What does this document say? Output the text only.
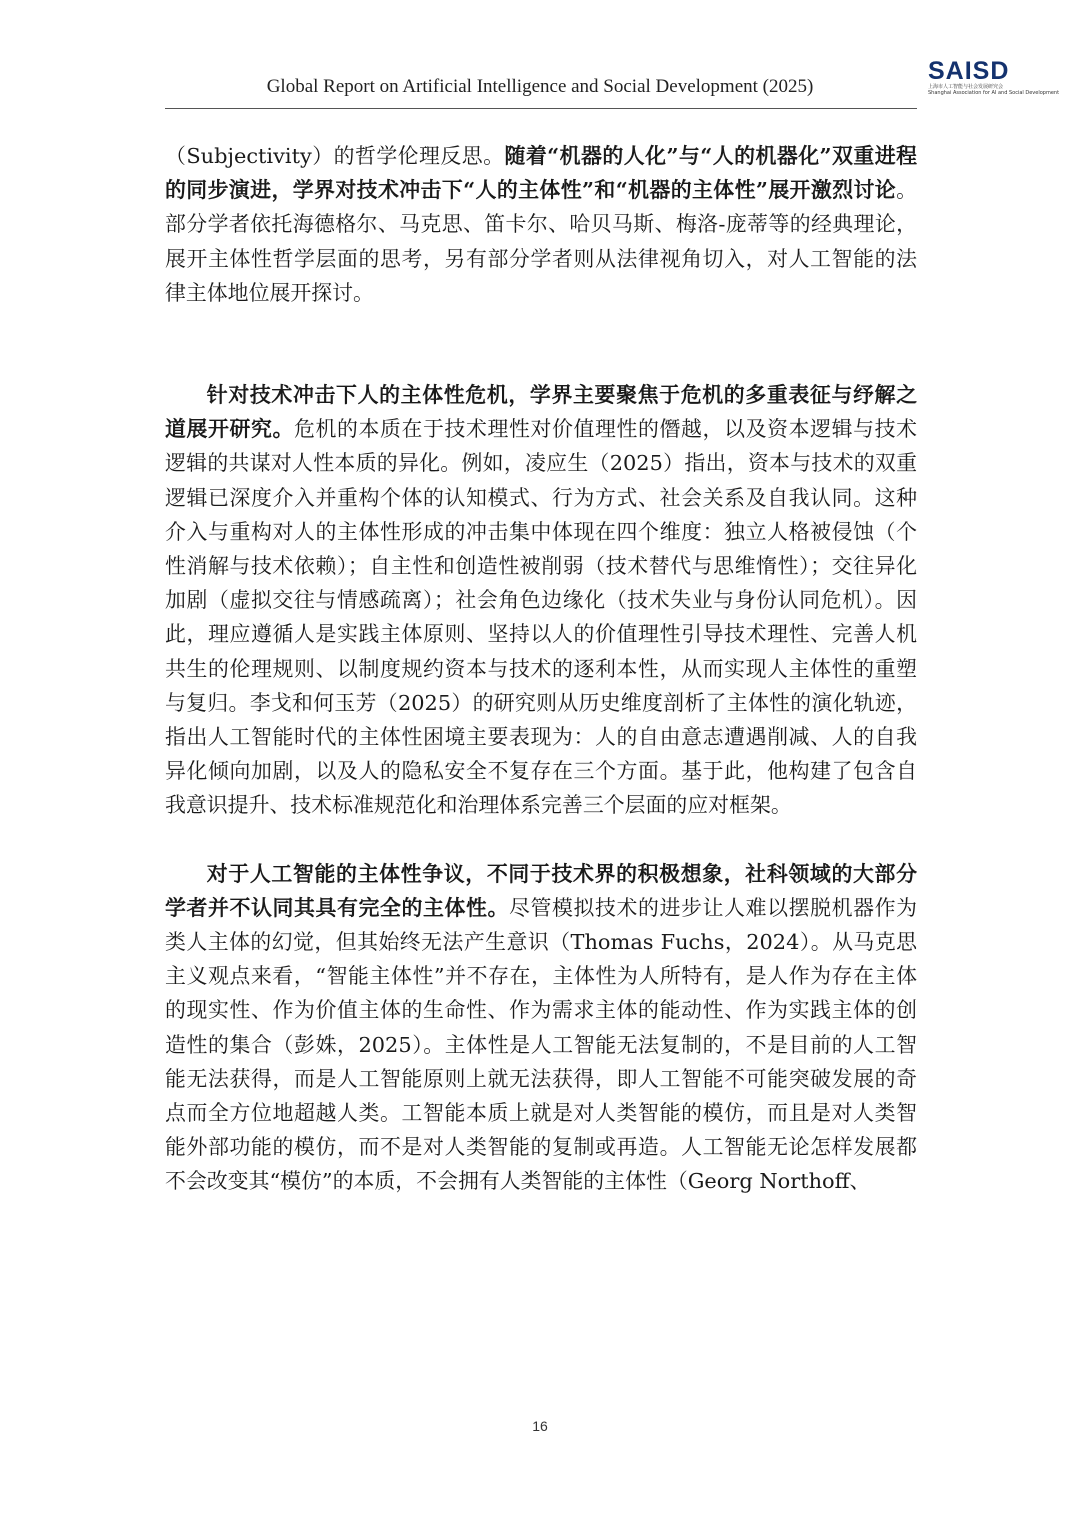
Global Report on Artificial Intelligence and Social Development (2025)
SAISD
上海市人工智能与社会发展研究会
Shanghai Association for AI and Social Development

（Subjectivity）的哲学伦理反思。随着“机器的人化”与“人的机器化”双重进程的同步演进，学界对技术冲击下“人的主体性”和“机器的主体性”展开激烈讨论。部分学者依托海德格尔、马克思、笛卡尔、哈贝马斯、梅洛-庞蒂等的经典理论，展开主体性哲学层面的思考，另有部分学者则从法律视角切入，对人工智能的法律主体地位展开探讨。

针对技术冲击下人的主体性危机，学界主要聚焦于危机的多重表征与纾解之道展开研究。危机的本质在于技术理性对价值理性的僭越，以及资本逻辑与技术逻辑的共谋对人性本质的异化。例如，凌应生（2025）指出，资本与技术的双重逻辑已深度介入并重构个体的认知模式、行为方式、社会关系及自我认同。这种介入与重构对人的主体性形成的冲击集中体现在四个维度：独立人格被侵蚀（个性消解与技术依赖）；自主性和创造性被削弱（技术替代与思维惰性）；交往异化加剧（虚拟交往与情感疏离）；社会角色边缘化（技术失业与身份认同危机）。因此，理应遵循人是实践主体原则、坚持以人的价值理性引导技术理性、完善人机共生的伦理规则、以制度规约资本与技术的逐利本性，从而实现人主体性的重塑与复归。李戈和何玉芳（2025）的研究则从历史维度剖析了主体性的演化轨迹，指出人工智能时代的主体性困境主要表现为：人的自由意志遭遇削减、人的自我异化倾向加剧，以及人的隐私安全不复存在三个方面。基于此，他构建了包含自我意识提升、技术标准规范化和治理体系完善三个层面的应对框架。

对于人工智能的主体性争议，不同于技术界的积极想象，社科领域的大部分学者并不认同其具有完全的主体性。尽管模拟技术的进步让人难以摆脱机器作为类人主体的幻觉，但其始终无法产生意识（Thomas Fuchs，2024）。从马克思主义观点来看，“智能主体性”并不存在，主体性为人所特有，是人作为存在主体的现实性、作为价值主体的生命性、作为需求主体的能动性、作为实践主体的创造性的集合（彭姝，2025）。主体性是人工智能无法复制的，不是目前的人工智能无法获得，而是人工智能原则上就无法获得，即人工智能不可能突破发展的奇点而全方位地超越人类。工智能本质上就是对人类智能的模仿，而且是对人类智能外部功能的模仿，而不是对人类智能的复制或再造。人工智能无论怎样发展都不会改变其“模仿”的本质，不会拥有人类智能的主体性（Georg Northoff、

16
